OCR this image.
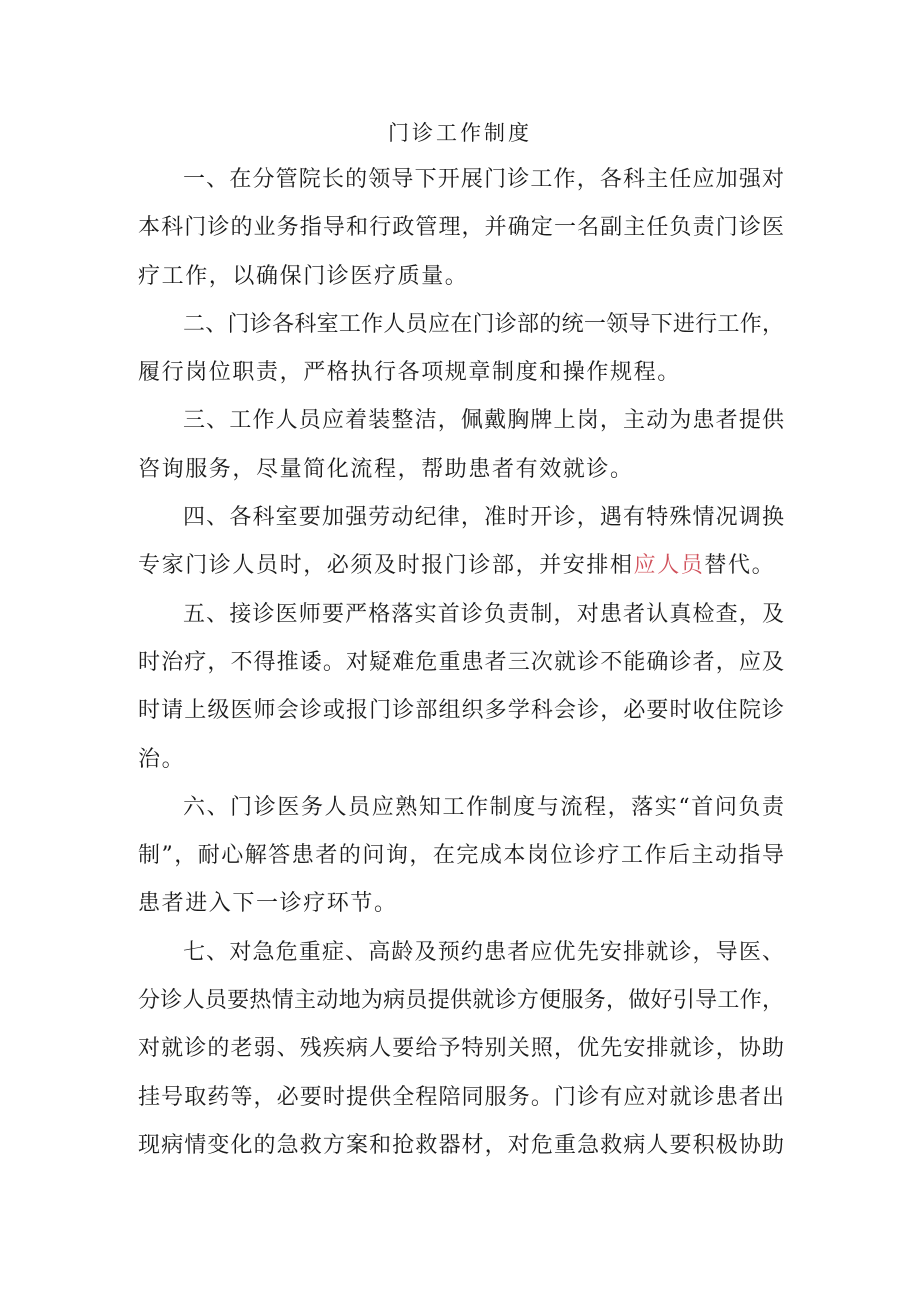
门诊工作制度
一、在分管院长的领导下开展门诊工作，各科主任应加强对
本科门诊的业务指导和行政管理，并确定一名副主任负责门诊医
疗工作，以确保门诊医疗质量。
二、门诊各科室工作人员应在门诊部的统一领导下进行工作，
履行岗位职责，严格执行各项规章制度和操作规程。
三、工作人员应着装整洁，佩戴胸牌上岗，主动为患者提供
咨询服务，尽量简化流程，帮助患者有效就诊。
四、各科室要加强劳动纪律，准时开诊，遇有特殊情况调换
专家门诊人员时，必须及时报门诊部，并安排相应人员替代。
五、接诊医师要严格落实首诊负责制，对患者认真检查，及
时治疗，不得推诿。对疑难危重患者三次就诊不能确诊者，应及
时请上级医师会诊或报门诊部组织多学科会诊，必要时收住院诊
治。
六、门诊医务人员应熟知工作制度与流程，落实“首问负责
制”，耐心解答患者的问询，在完成本岗位诊疗工作后主动指导
患者进入下一诊疗环节。
七、对急危重症、高龄及预约患者应优先安排就诊，导医、
分诊人员要热情主动地为病员提供就诊方便服务，做好引导工作，
对就诊的老弱、残疾病人要给予特别关照，优先安排就诊，协助
挂号取药等，必要时提供全程陪同服务。门诊有应对就诊患者出
现病情变化的急救方案和抢救器材，对危重急救病人要积极协助
